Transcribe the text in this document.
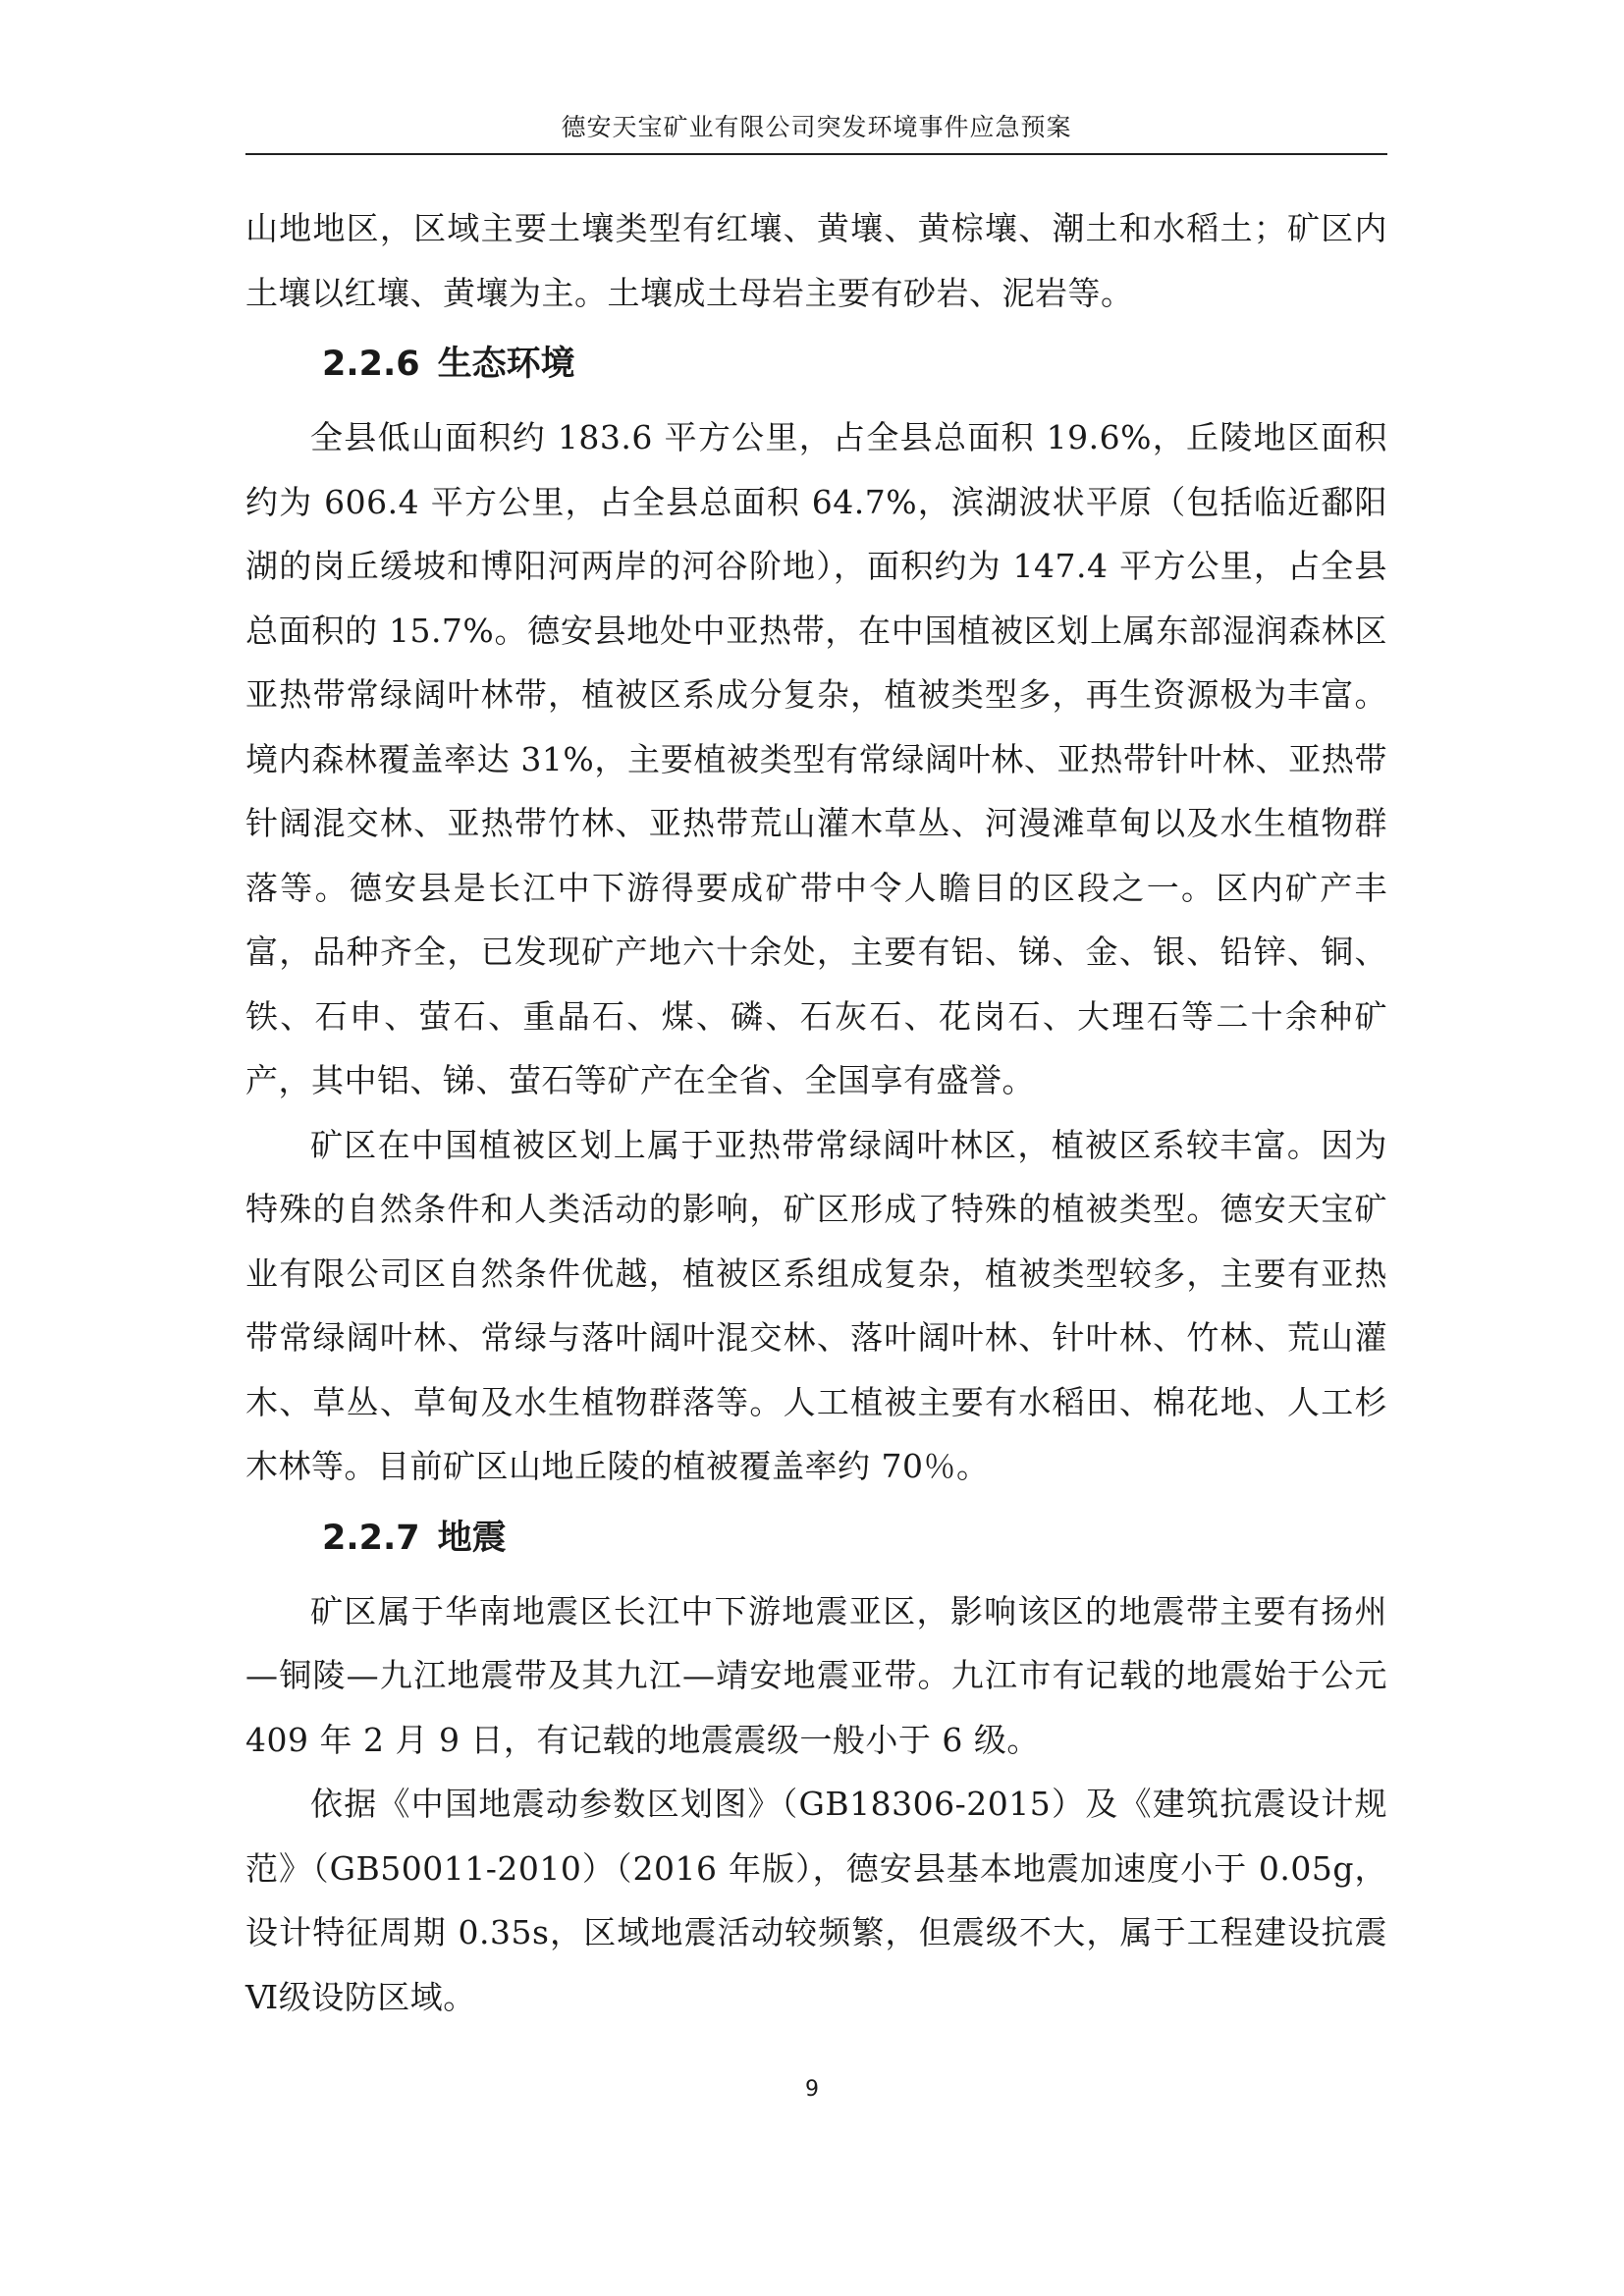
德安天宝矿业有限公司突发环境事件应急预案

山地地区，区域主要土壤类型有红壤、黄壤、黄棕壤、潮土和水稻土；矿区内土壤以红壤、黄壤为主。土壤成土母岩主要有砂岩、泥岩等。

2.2.6 生态环境

全县低山面积约 183.6 平方公里，占全县总面积 19.6%，丘陵地区面积约为 606.4 平方公里，占全县总面积 64.7%，滨湖波状平原（包括临近鄱阳湖的岗丘缓坡和博阳河两岸的河谷阶地），面积约为 147.4 平方公里，占全县总面积的 15.7%。德安县地处中亚热带，在中国植被区划上属东部湿润森林区亚热带常绿阔叶林带，植被区系成分复杂，植被类型多，再生资源极为丰富。境内森林覆盖率达 31%，主要植被类型有常绿阔叶林、亚热带针叶林、亚热带针阔混交林、亚热带竹林、亚热带荒山灌木草丛、河漫滩草甸以及水生植物群落等。德安县是长江中下游得要成矿带中令人瞻目的区段之一。区内矿产丰富，品种齐全，已发现矿产地六十余处，主要有铝、锑、金、银、铅锌、铜、铁、石申、萤石、重晶石、煤、磷、石灰石、花岗石、大理石等二十余种矿产，其中铝、锑、萤石等矿产在全省、全国享有盛誉。

矿区在中国植被区划上属于亚热带常绿阔叶林区，植被区系较丰富。因为特殊的自然条件和人类活动的影响，矿区形成了特殊的植被类型。德安天宝矿业有限公司区自然条件优越，植被区系组成复杂，植被类型较多，主要有亚热带常绿阔叶林、常绿与落叶阔叶混交林、落叶阔叶林、针叶林、竹林、荒山灌木、草丛、草甸及水生植物群落等。人工植被主要有水稻田、棉花地、人工杉木林等。目前矿区山地丘陵的植被覆盖率约 70％。

2.2.7 地震

矿区属于华南地震区长江中下游地震亚区，影响该区的地震带主要有扬州—铜陵—九江地震带及其九江—靖安地震亚带。九江市有记载的地震始于公元 409 年 2 月 9 日，有记载的地震震级一般小于 6 级。

依据《中国地震动参数区划图》（GB18306-2015）及《建筑抗震设计规范》（GB50011-2010）（2016 年版），德安县基本地震加速度小于 0.05g，设计特征周期 0.35s，区域地震活动较频繁，但震级不大，属于工程建设抗震Ⅵ级设防区域。

9
